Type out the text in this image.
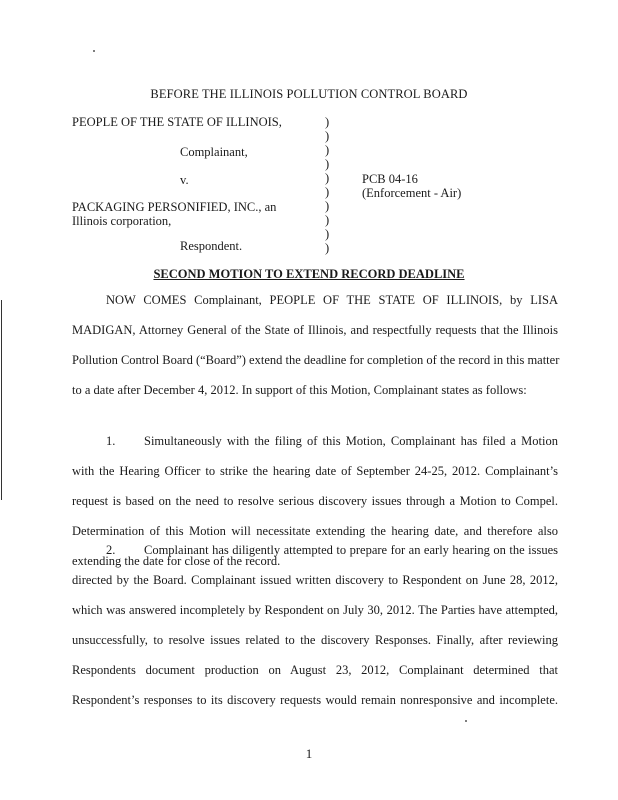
BEFORE THE ILLINOIS POLLUTION CONTROL BOARD
PEOPLE OF THE STATE OF ILLINOIS,
Complainant,
v.
PACKAGING PERSONIFIED, INC., an
Illinois corporation,
Respondent.
)
)
)
)
)
)
)
)
)
)
PCB 04-16
(Enforcement - Air)
SECOND MOTION TO EXTEND RECORD DEADLINE
NOW COMES Complainant, PEOPLE OF THE STATE OF ILLINOIS, by LISA
MADIGAN, Attorney General of the State of Illinois, and respectfully requests that the Illinois
Pollution Control Board (“Board”) extend the deadline for completion of the record in this matter
to a date after December 4, 2012. In support of this Motion, Complainant states as follows:
1.	Simultaneously with the filing of this Motion, Complainant has filed a Motion
with the Hearing Officer to strike the hearing date of September 24-25, 2012. Complainant’s
request is based on the need to resolve serious discovery issues through a Motion to Compel.
Determination of this Motion will necessitate extending the hearing date, and therefore also
extending the date for close of the record.
2.	Complainant has diligently attempted to prepare for an early hearing on the issues
directed by the Board. Complainant issued written discovery to Respondent on June 28, 2012,
which was answered incompletely by Respondent on July 30, 2012. The Parties have attempted,
unsuccessfully, to resolve issues related to the discovery Responses. Finally, after reviewing
Respondents document production on August 23, 2012, Complainant determined that
Respondent’s responses to its discovery requests would remain nonresponsive and incomplete.
1
